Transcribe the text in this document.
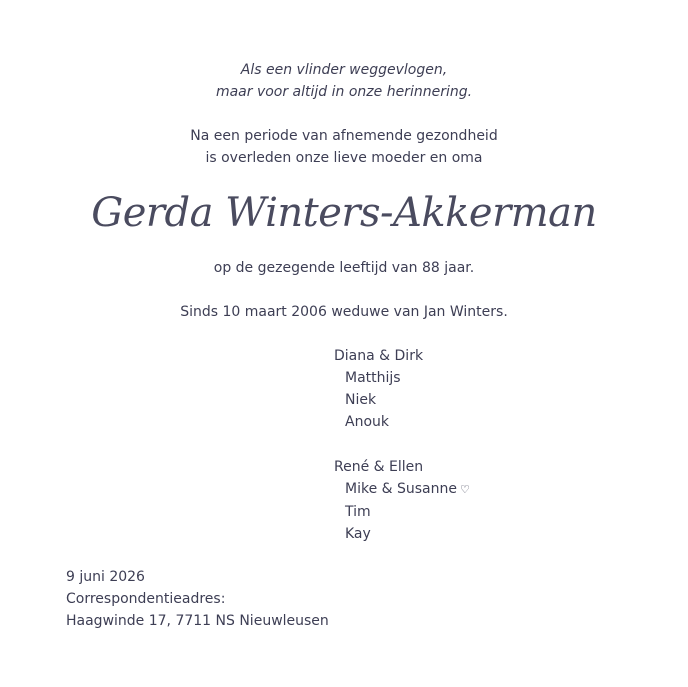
Als een vlinder weggevlogen,
maar voor altijd in onze herinnering.
Na een periode van afnemende gezondheid
is overleden onze lieve moeder en oma
Gerda Winters-Akkerman
op de gezegende leeftijd van 88 jaar.
Sinds 10 maart 2006 weduwe van Jan Winters.
Diana & Dirk
Matthijs
Niek
Anouk
René & Ellen
Mike & Susanne ♡
Tim
Kay
9 juni 2026
Correspondentieadres:
Haagwinde 17, 7711 NS Nieuwleusen
